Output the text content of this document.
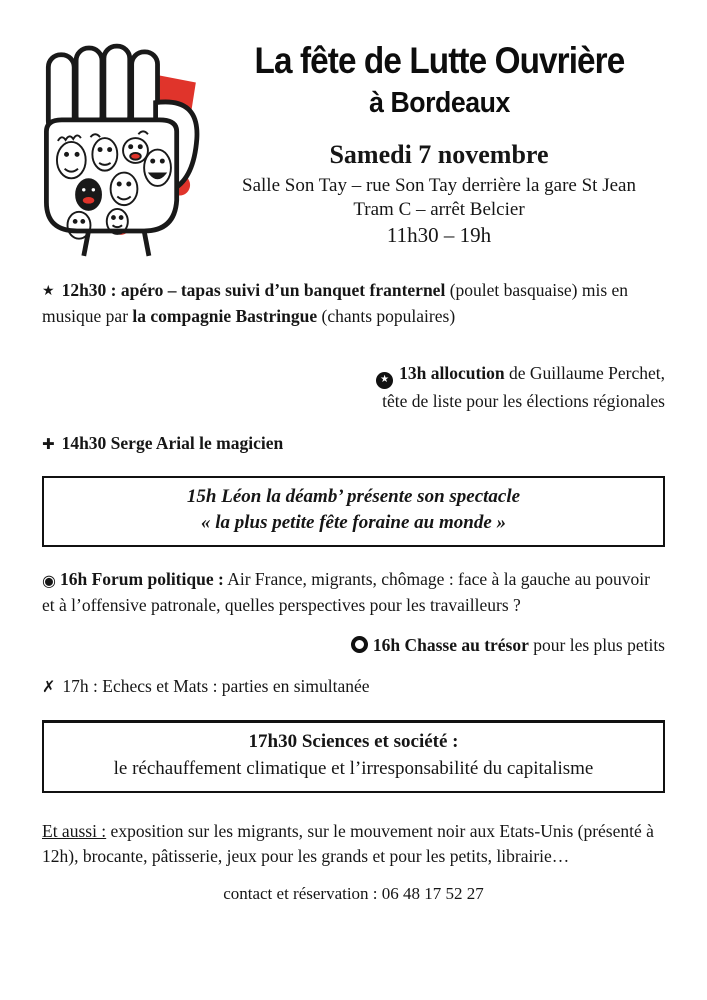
La fête de Lutte Ouvrière
à Bordeaux
Samedi 7 novembre
Salle Son Tay – rue Son Tay derrière la gare St Jean
Tram C – arrêt Belcier
11h30 – 19h

★ 12h30 : apéro – tapas suivi d’un banquet franternel (poulet basquaise) mis en musique par la compagnie Bastringue (chants populaires)

★ 13h allocution de Guillaume Perchet,
tête de liste pour les élections régionales

✚ 14h30 Serge Arial le magicien

15h Léon la déamb’ présente son spectacle
« la plus petite fête foraine au monde »

◉ 16h Forum politique : Air France, migrants, chômage : face à la gauche au pouvoir et à l’offensive patronale, quelles perspectives pour les travailleurs ?

16h Chasse au trésor pour les plus petits

✗ 17h : Echecs et Mats : parties en simultanée

17h30 Sciences et société :
le réchauffement climatique et l’irresponsabilité du capitalisme

Et aussi : exposition sur les migrants, sur le mouvement noir aux Etats-Unis (présenté à 12h), brocante, pâtisserie, jeux pour les grands et pour les petits, librairie…

contact et réservation : 06 48 17 52 27
